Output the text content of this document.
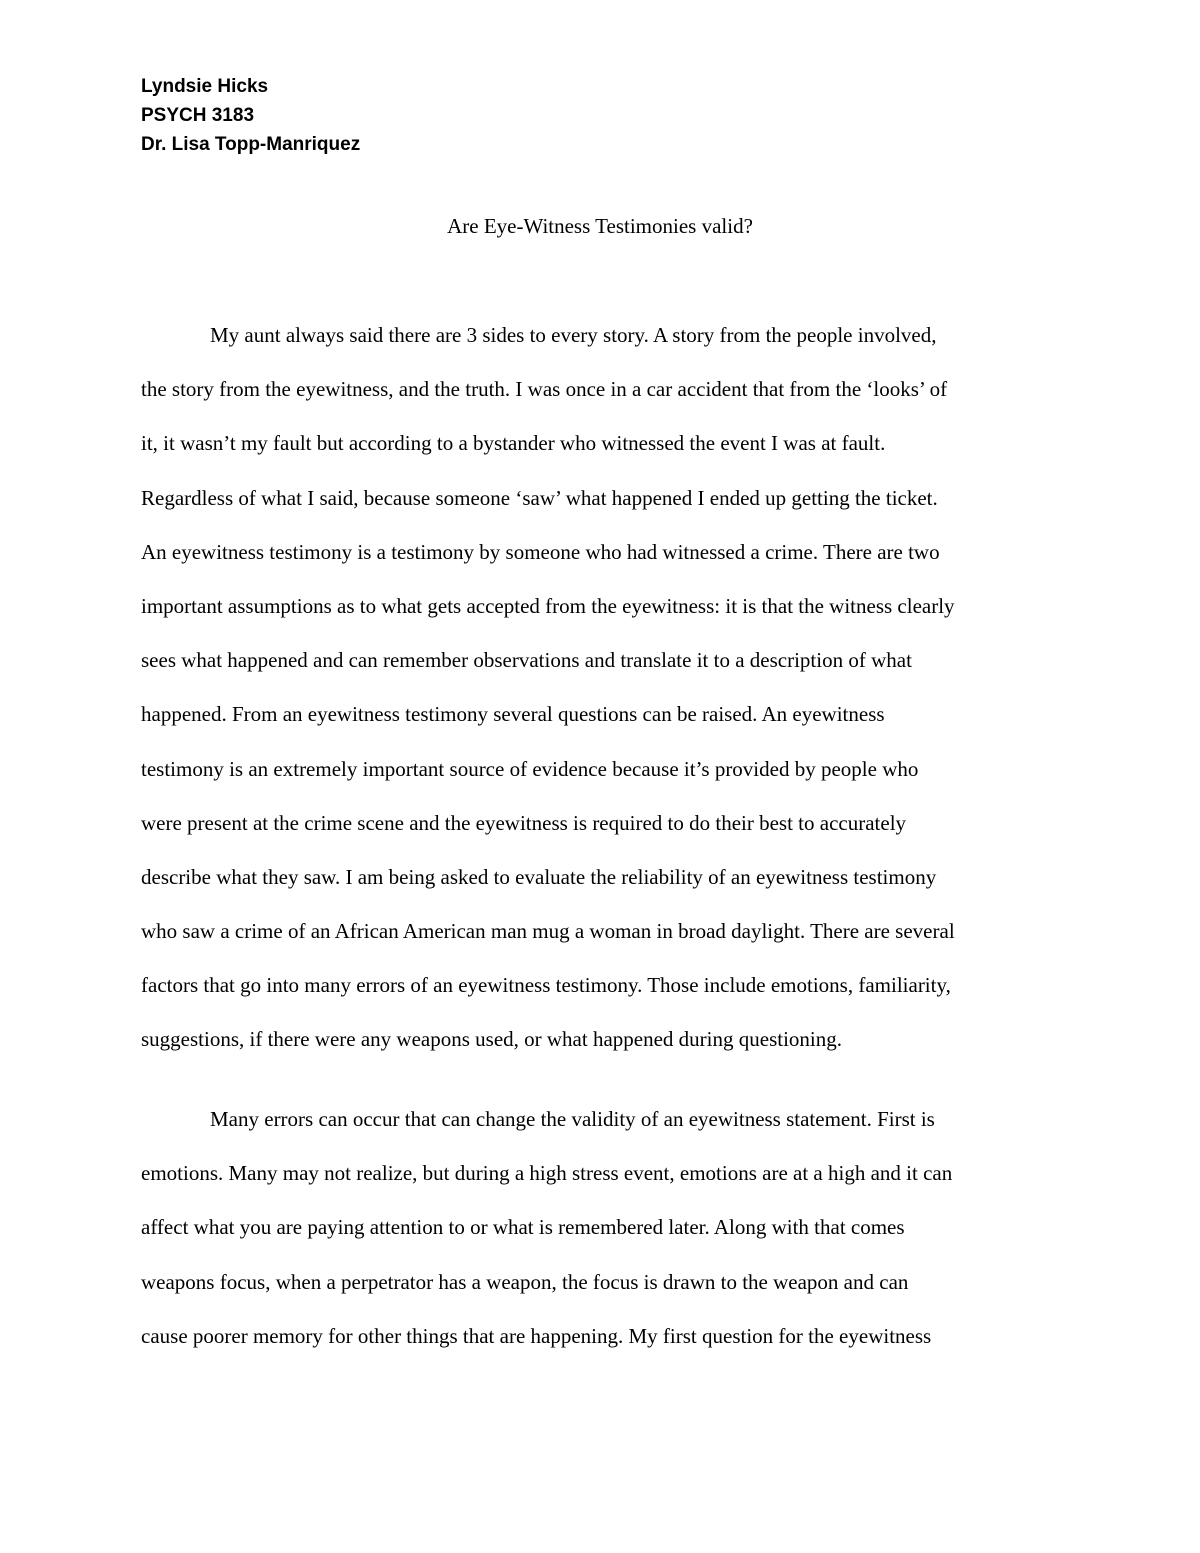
Lyndsie Hicks
PSYCH 3183
Dr. Lisa Topp-Manriquez
Are Eye-Witness Testimonies valid?
My aunt always said there are 3 sides to every story. A story from the people involved,
the story from the eyewitness, and the truth. I was once in a car accident that from the ‘looks’ of
it, it wasn’t my fault but according to a bystander who witnessed the event I was at fault.
Regardless of what I said, because someone ‘saw’ what happened I ended up getting the ticket.
An eyewitness testimony is a testimony by someone who had witnessed a crime. There are two
important assumptions as to what gets accepted from the eyewitness: it is that the witness clearly
sees what happened and can remember observations and translate it to a description of what
happened. From an eyewitness testimony several questions can be raised. An eyewitness
testimony is an extremely important source of evidence because it’s provided by people who
were present at the crime scene and the eyewitness is required to do their best to accurately
describe what they saw. I am being asked to evaluate the reliability of an eyewitness testimony
who saw a crime of an African American man mug a woman in broad daylight. There are several
factors that go into many errors of an eyewitness testimony. Those include emotions, familiarity,
suggestions, if there were any weapons used, or what happened during questioning.
Many errors can occur that can change the validity of an eyewitness statement. First is
emotions. Many may not realize, but during a high stress event, emotions are at a high and it can
affect what you are paying attention to or what is remembered later. Along with that comes
weapons focus, when a perpetrator has a weapon, the focus is drawn to the weapon and can
cause poorer memory for other things that are happening. My first question for the eyewitness
